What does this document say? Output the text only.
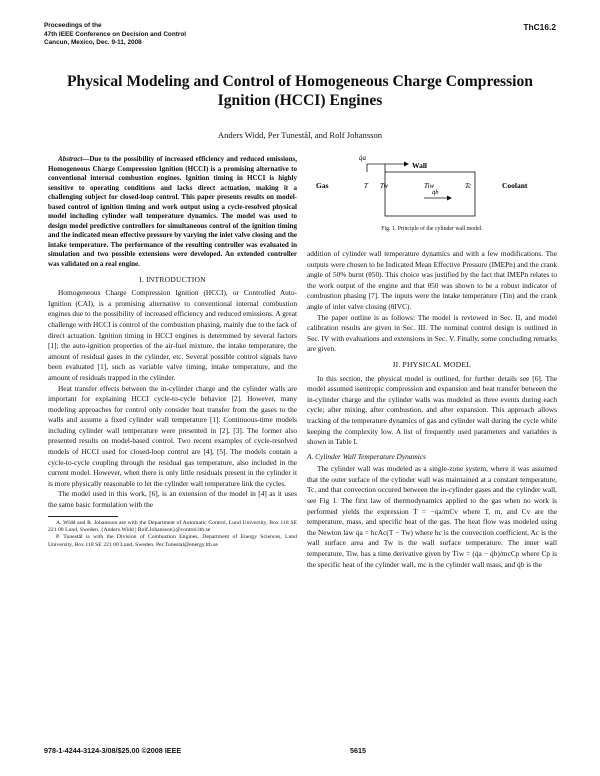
Proceedings of the
47th IEEE Conference on Decision and Control
Cancun, Mexico, Dec. 9-11, 2008
ThC16.2
Physical Modeling and Control of Homogeneous Charge Compression Ignition (HCCI) Engines
Anders Widd, Per Tunestål, and Rolf Johansson

Abstract—Due to the possibility of increased efficiency and reduced emissions, Homogeneous Charge Compression Ignition (HCCI) is a promising alternative to conventional internal combustion engines. Ignition timing in HCCI is highly sensitive to operating conditions and lacks direct actuation, making it a challenging subject for closed-loop control. This paper presents results on model-based control of ignition timing and work output using a cycle-resolved physical model including cylinder wall temperature dynamics. The model was used to design model predictive controllers for simultaneous control of the ignition timing and the indicated mean effective pressure by varying the inlet valve closing and the intake temperature. The performance of the resulting controller was evaluated in simulation and two possible extensions were developed. An extended controller was validated on a real engine.

I. INTRODUCTION

Homogeneous Charge Compression Ignition (HCCI), or Controlled Auto-Ignition (CAI), is a promising alternative to conventional internal combustion engines due to the possibility of increased efficiency and reduced emissions. A great challenge with HCCI is control of the combustion phasing, mainly due to the lack of direct actuation. Ignition timing in HCCI engines is determined by several factors [1]; the auto-ignition properties of the air-fuel mixture, the intake temperature, the amount of residual gases in the cylinder, etc. Several possible control signals have been evaluated [1], such as variable valve timing, intake temperature, and the amount of residuals trapped in the cylinder.

Heat transfer effects between the in-cylinder charge and the cylinder walls are important for explaining HCCI cycle-to-cycle behavior [2]. However, many modeling approaches for control only consider heat transfer from the gases to the walls and assume a fixed cylinder wall temperature [1]. Continuous-time models including cylinder wall temperature were presented in [2], [3]. The former also presented results on model-based control. Two recent examples of cycle-resolved models of HCCI used for closed-loop control are [4], [5]. The models contain a cycle-to-cycle coupling through the residual gas temperature, also included in the current model. However, when there is only little residuals present in the cylinder it is more physically reasonable to let the cylinder wall temperature link the cycles.

The model used in this work, [6], is an extension of the model in [4] as it uses the same basic formulation with the

A. Widd and R. Johansson are with the Department of Automatic Control, Lund University, Box 118 SE 221 00 Lund, Sweden. {Anders.Widd | Rolf.Johansson}@control.lth.se

P. Tunestål is with the Division of Combustion Engines, Department of Energy Sciences, Lund University, Box 118 SE 221 00 Lund, Sweden. Per.Tunestal@energy.lth.se

q̇a
Wall
Gas	T Tw	Tiw	Tc	Coolant
q̇b
Fig. 1. Principle of the cylinder wall model.

addition of cylinder wall temperature dynamics and with a few modifications. The outputs were chosen to be Indicated Mean Effective Pressure (IMEPn) and the crank angle of 50% burnt (θ50). This choice was justified by the fact that IMEPn relates to the work output of the engine and that θ50 was shown to be a robust indicator of combustion phasing [7]. The inputs were the intake temperature (Tin) and the crank angle of inlet valve closing (θIVC).

The paper outline is as follows: The model is reviewed in Sec. II, and model calibration results are given in Sec. III. The nominal control design is outlined in Sec. IV with evaluations and extensions in Sec. V. Finally, some concluding remarks are given.

II. PHYSICAL MODEL

In this section, the physical model is outlined, for further details see [6]. The model assumed isentropic compression and expansion and heat transfer between the in-cylinder charge and the cylinder walls was modeled as three events during each cycle; after mixing, after combustion, and after expansion. This approach allows tracking of the temperature dynamics of gas and cylinder wall during the cycle while keeping the complexity low. A list of frequently used parameters and variables is shown in Table I.

A. Cylinder Wall Temperature Dynamics

The cylinder wall was modeled as a single-zone system, where it was assumed that the outer surface of the cylinder wall was maintained at a constant temperature, Tc, and that convection occured between the in-cylinder gases and the cylinder wall, see Fig 1. The first law of thermodynamics applied to the gas when no work is performed yields the expression Ṫ = −q̇a/mCv where T, m, and Cv are the temperature, mass, and specific heat of the gas. The heat flow was modeled using the Newton law q̇a = hcAc(T − Tw) where hc is the convection coefficient, Ac is the wall surface area and Tw is the wall surface temperature. The inner wall temperature, Tiw, has a time derivative given by Ṫiw = (q̇a − q̇b)/mcCp where Cp is the specific heat of the cylinder wall, mc is the cylinder wall mass, and q̇b is the

978-1-4244-3124-3/08/$25.00 ©2008 IEEE	5615
